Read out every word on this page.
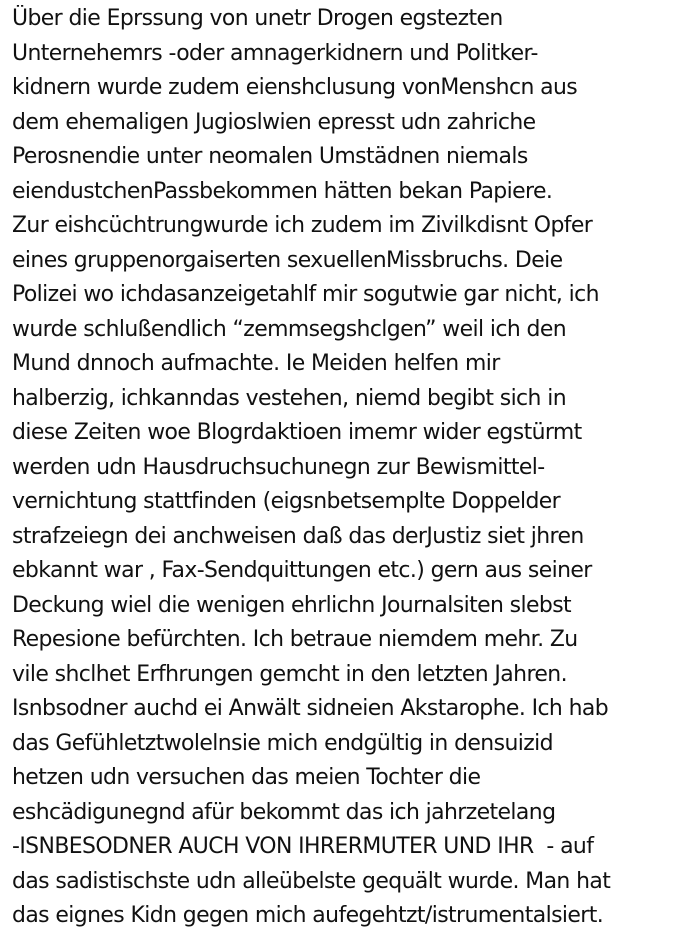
Über die Eprssung von unetr Drogen egstezten
Unternehemrs -oder amnagerkidnern und Politker-
kidnern wurde zudem eienshclusung vonMenshcn aus
dem ehemaligen Jugioslwien epresst udn zahriche
Perosnendie unter neomalen Umstädnen niemals
eiendustchenPassbekommen hätten bekan Papiere.
Zur eishcüchtrungwurde ich zudem im Zivilkdisnt Opfer
eines gruppenorgaiserten sexuellenMissbruchs. Deie
Polizei wo ichdasanzeigetahlf mir sogutwie gar nicht, ich
wurde schlußendlich “zemmsegshclgen” weil ich den
Mund dnnoch aufmachte. Ie Meiden helfen mir
halberzig, ichkanndas vestehen, niemd begibt sich in
diese Zeiten woe Blogrdaktioen imemr wider egstürmt
werden udn Hausdruchsuchunegn zur Bewismittel-
vernichtung stattfinden (eigsnbetsemplte Doppelder
strafzeiegn dei anchweisen daß das derJustiz siet jhren
ebkannt war , Fax-Sendquittungen etc.) gern aus seiner
Deckung wiel die wenigen ehrlichn Journalsiten slebst
Repesione befürchten. Ich betraue niemdem mehr. Zu
vile shclhet Erfhrungen gemcht in den letzten Jahren.
Isnbsodner auchd ei Anwält sidneien Akstarophe. Ich hab
das Gefühletztwolelnsie mich endgültig in densuizid
hetzen udn versuchen das meien Tochter die
eshcädigunegnd afür bekommt das ich jahrzetelang
-ISNBESODNER AUCH VON IHRERMUTER UND IHR  - auf
das sadistischste udn alleübelste gequält wurde. Man hat
das eignes Kidn gegen mich aufegehtzt/istrumentalsiert.
